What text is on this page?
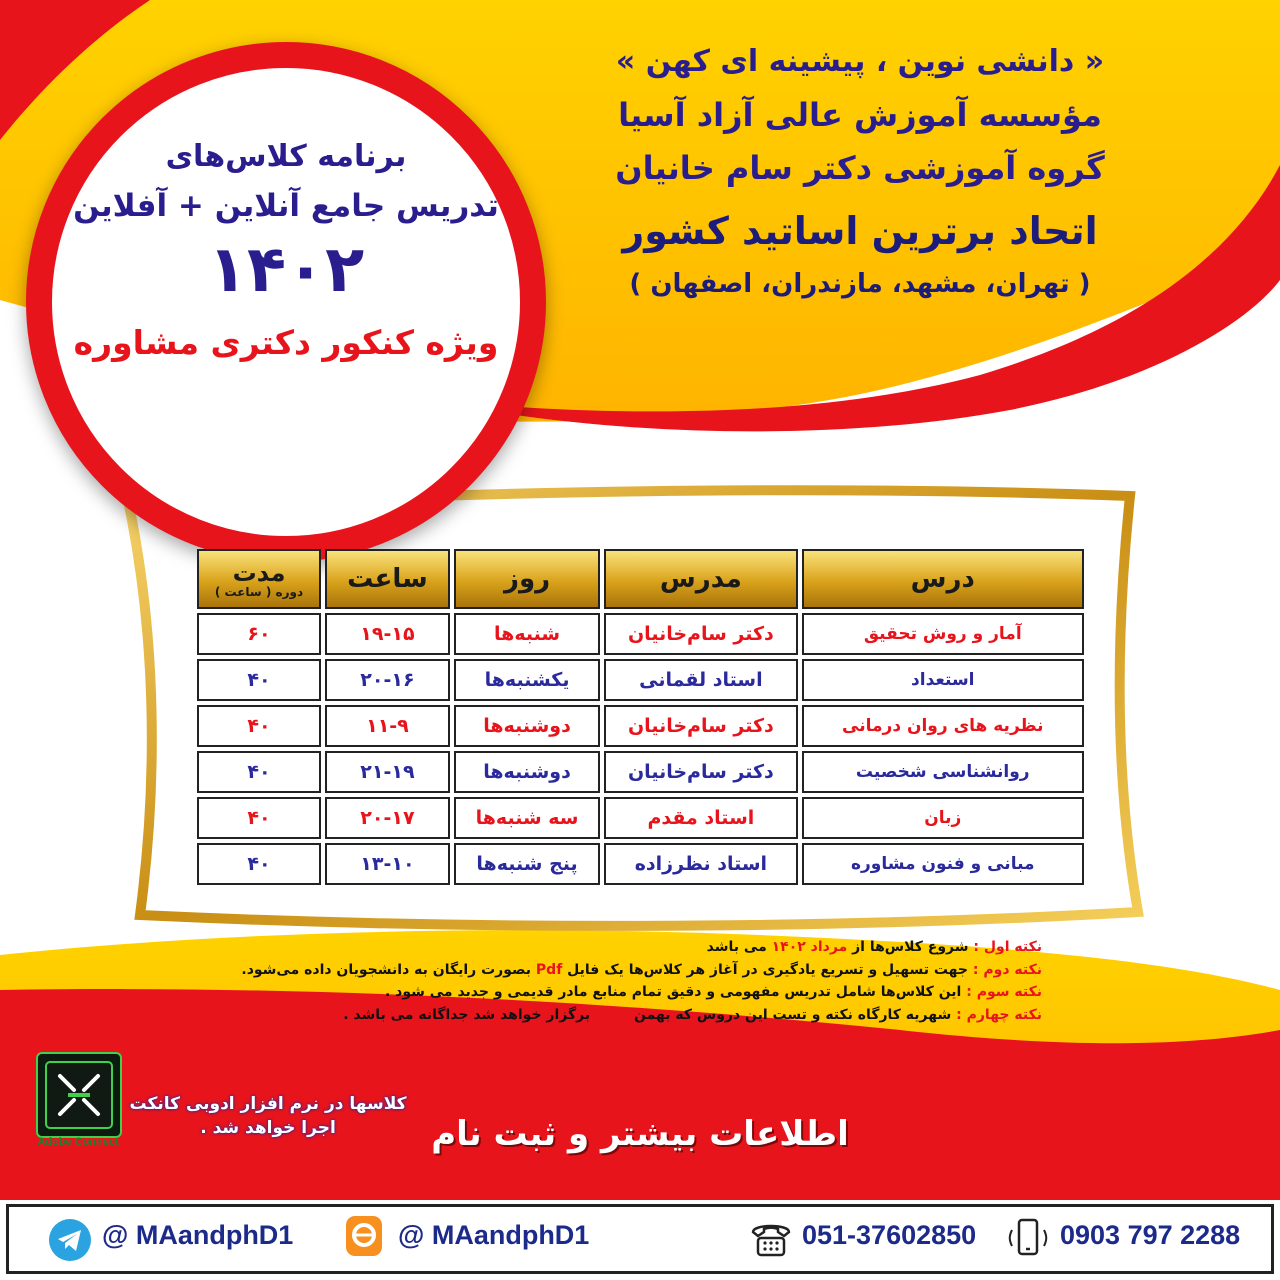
« دانشی نوین ، پیشینه ای کهن »
مؤسسه آموزش عالی آزاد آسیا
گروه آموزشی دکتر سام خانیان
اتحاد برترین اساتید کشور
( تهران، مشهد، مازندران، اصفهان )
برنامه کلاس‌های
تدریس جامع آنلاین + آفلاین
۱۴۰۲
ویژه کنکور دکتری مشاوره
درس	مدرس	روز	ساعت	مدت
دوره ( ساعت )

آمار و روش تحقیق	دکتر سام‌خانیان	شنبه‌ها	۱۹-۱۵	۶۰
استعداد	استاد لقمانی	یکشنبه‌ها	۲۰-۱۶	۴۰
نظریه های روان درمانی	دکتر سام‌خانیان	دوشنبه‌ها	۱۱-۹	۴۰
روانشناسی شخصیت	دکتر سام‌خانیان	دوشنبه‌ها	۲۱-۱۹	۴۰
زبان	استاد مقدم	سه شنبه‌ها	۲۰-۱۷	۴۰
مبانی و فنون مشاوره	استاد نظرزاده	پنج شنبه‌ها	۱۳-۱۰	۴۰
نکته اول : شروع کلاس‌ها از مرداد ۱۴۰۲ می باشد
نکته دوم : جهت تسهیل و تسریع یادگیری در آغاز هر کلاس‌ها یک فایل Pdf بصورت رایگان به دانشجویان داده می‌شود.
نکته سوم : این کلاس‌ها شامل تدریس مفهومی و دقیق تمام منابع مادر قدیمی و جدید می شود .
نکته چهارم : شهریه کارگاه نکته و تست این دروس که بهمن ۱۴۰۲ برگزار خواهد شد جداگانه می باشد .
Adobe Connect
کلاسها در نرم افزار ادوبی کانکت
اجرا خواهد شد .	اطلاعات بیشتر و ثبت نام
@ MAandphD1	@ MAandphD1	051-37602850	0903 797 2288
